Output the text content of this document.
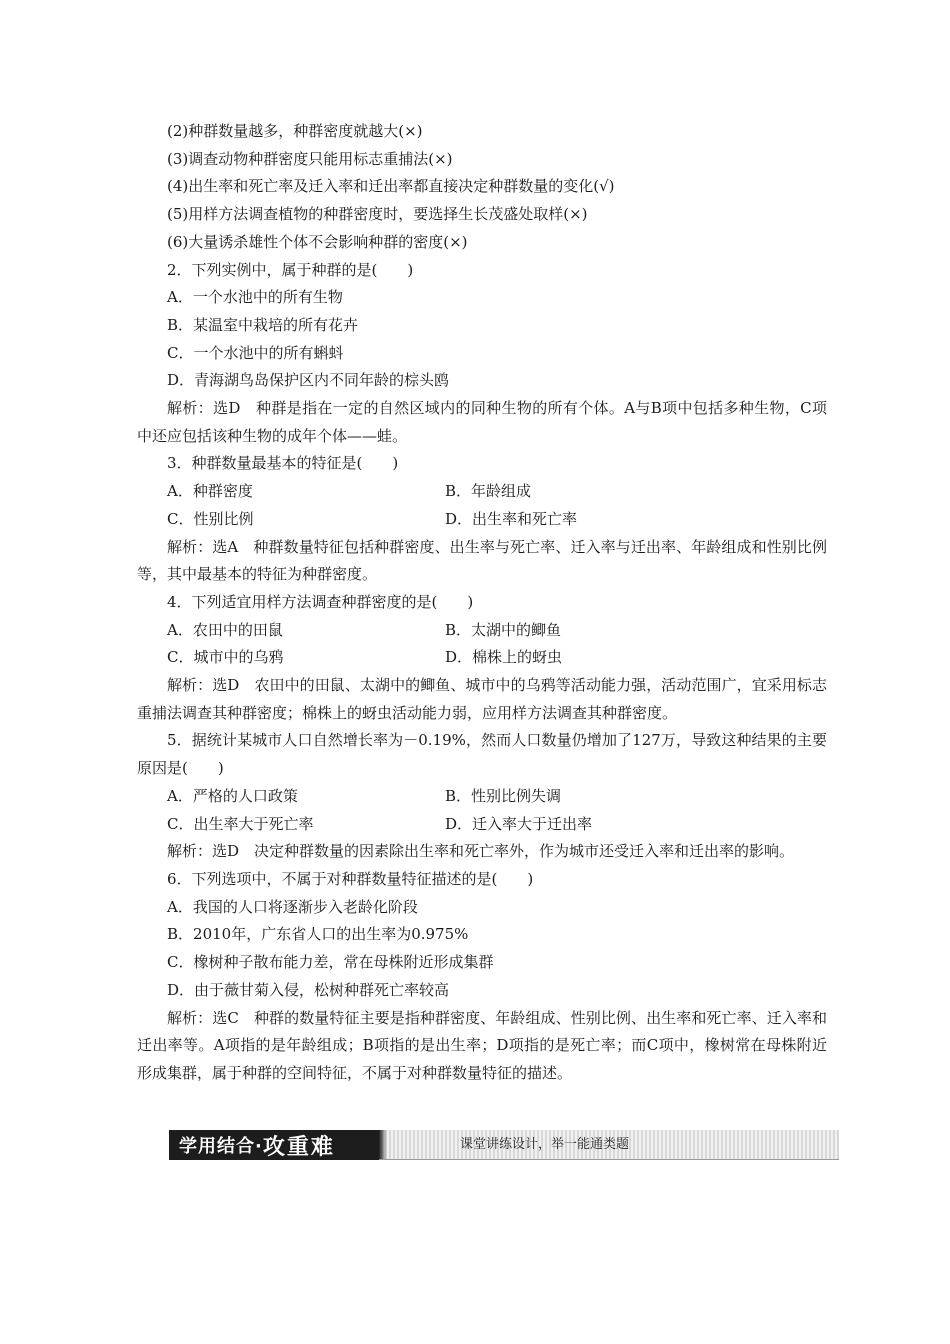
(2)种群数量越多，种群密度就越大(×)

(3)调查动物种群密度只能用标志重捕法(×)

(4)出生率和死亡率及迁入率和迁出率都直接决定种群数量的变化(√)

(5)用样方法调查植物的种群密度时，要选择生长茂盛处取样(×)

(6)大量诱杀雄性个体不会影响种群的密度(×)

2．下列实例中，属于种群的是(　　)

A．一个水池中的所有生物

B．某温室中栽培的所有花卉

C．一个水池中的所有蝌蚪

D．青海湖鸟岛保护区内不同年龄的棕头鸥

解析：选D　种群是指在一定的自然区域内的同种生物的所有个体。A与B项中包括多种生物，C项中还应包括该种生物的成年个体——蛙。

3．种群数量最基本的特征是(　　)

A．种群密度	B．年龄组成
C．性别比例	D．出生率和死亡率

解析：选A　种群数量特征包括种群密度、出生率与死亡率、迁入率与迁出率、年龄组成和性别比例等，其中最基本的特征为种群密度。

4．下列适宜用样方法调查种群密度的是(　　)

A．农田中的田鼠	B．太湖中的鲫鱼
C．城市中的乌鸦	D．棉株上的蚜虫

解析：选D　农田中的田鼠、太湖中的鲫鱼、城市中的乌鸦等活动能力强，活动范围广，宜采用标志重捕法调查其种群密度；棉株上的蚜虫活动能力弱，应用样方法调查其种群密度。

5．据统计某城市人口自然增长率为－0.19%，然而人口数量仍增加了127万，导致这种结果的主要原因是(　　)

A．严格的人口政策	B．性别比例失调
C．出生率大于死亡率	D．迁入率大于迁出率

解析：选D　决定种群数量的因素除出生率和死亡率外，作为城市还受迁入率和迁出率的影响。

6．下列选项中，不属于对种群数量特征描述的是(　　)

A．我国的人口将逐渐步入老龄化阶段

B．2010年，广东省人口的出生率为0.975%

C．橡树种子散布能力差，常在母株附近形成集群

D．由于薇甘菊入侵，松树种群死亡率较高

解析：选C　种群的数量特征主要是指种群密度、年龄组成、性别比例、出生率和死亡率、迁入率和迁出率等。A项指的是年龄组成；B项指的是出生率；D项指的是死亡率；而C项中，橡树常在母株附近形成集群，属于种群的空间特征，不属于对种群数量特征的描述。

学用结合· 攻重难	课堂讲练设计，举一能通类题
